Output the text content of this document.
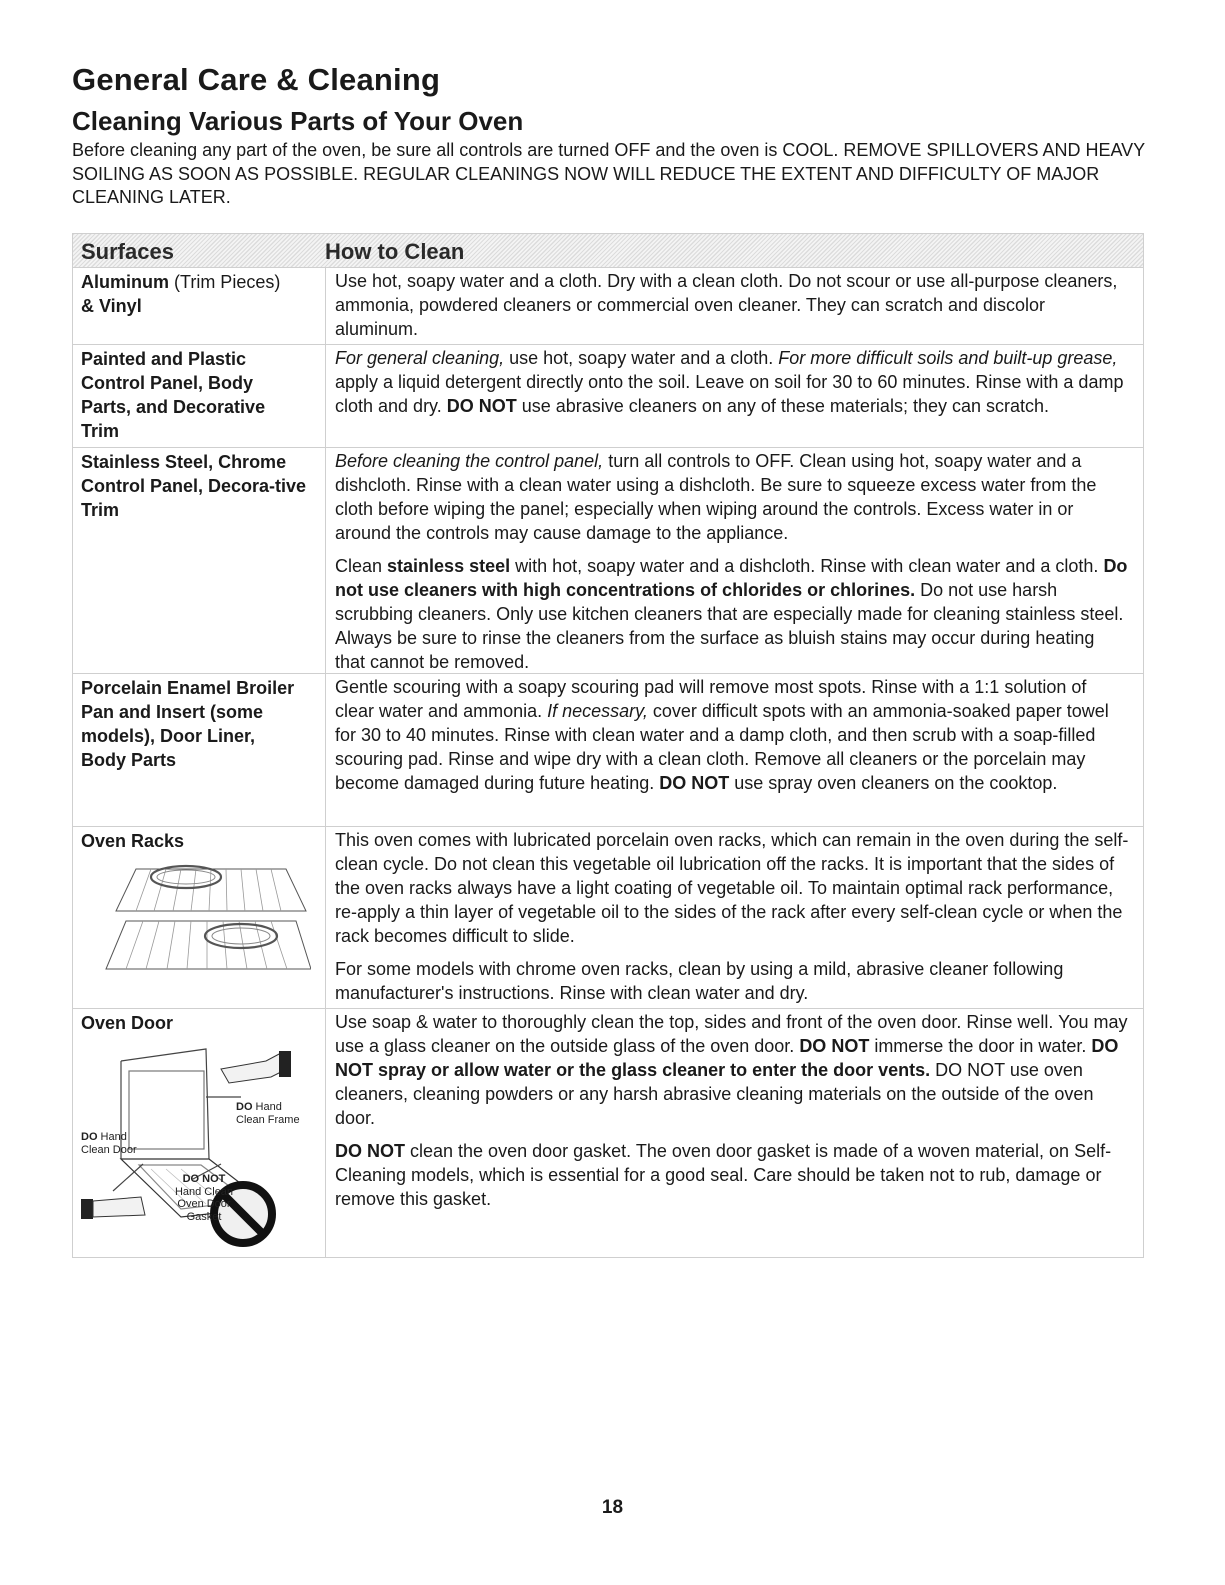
General Care & Cleaning
Cleaning Various Parts of Your Oven

Before cleaning any part of the oven, be sure all controls are turned OFF and the oven is COOL. REMOVE SPILLOVERS AND HEAVY SOILING AS SOON AS POSSIBLE. REGULAR CLEANINGS NOW WILL REDUCE THE EXTENT AND DIFFICULTY OF MAJOR CLEANING LATER.

Surfaces	How to Clean
Aluminum (Trim Pieces)
& Vinyl

Use hot, soapy water and a cloth. Dry with a clean cloth. Do not scour or use all-purpose cleaners, ammonia, powdered cleaners or commercial oven cleaner. They can scratch and discolor aluminum.

Painted and Plastic Control Panel, Body Parts, and Decorative Trim

For general cleaning, use hot, soapy water and a cloth. For more difficult soils and built-up grease, apply a liquid detergent directly onto the soil. Leave on soil for 30 to 60 minutes. Rinse with a damp cloth and dry. DO NOT use abrasive cleaners on any of these materials; they can scratch.

Stainless Steel, Chrome Control Panel, Decora-tive Trim

Before cleaning the control panel, turn all controls to OFF. Clean using hot, soapy water and a dishcloth. Rinse with a clean water using a dishcloth. Be sure to squeeze excess water from the cloth before wiping the panel; especially when wiping around the controls. Excess water in or around the controls may cause damage to the appliance.

Clean stainless steel with hot, soapy water and a dishcloth. Rinse with clean water and a cloth. Do not use cleaners with high concentrations of chlorides or chlorines. Do not use harsh scrubbing cleaners. Only use kitchen cleaners that are especially made for cleaning stainless steel. Always be sure to rinse the cleaners from the surface as bluish stains may occur during heating that cannot be removed.

Porcelain Enamel Broiler Pan and Insert (some models), Door Liner, Body Parts

Gentle scouring with a soapy scouring pad will remove most spots. Rinse with a 1:1 solution of clear water and ammonia. If necessary, cover difficult spots with an ammonia-soaked paper towel for 30 to 40 minutes. Rinse with clean water and a damp cloth, and then scrub with a soap-filled scouring pad. Rinse and wipe dry with a clean cloth. Remove all cleaners or the porcelain may become damaged during future heating. DO NOT use spray oven cleaners on the cooktop.

Oven Racks	This oven comes with lubricated porcelain oven racks, which can remain in the oven during the self-clean cycle. Do not clean this vegetable oil lubrication off the racks. It is important that the sides of the oven racks always have a light coating of vegetable oil. To maintain optimal rack performance, re-apply a thin layer of vegetable oil to the sides of the rack after every self-clean cycle or when the rack becomes difficult to slide.

For some models with chrome oven racks, clean by using a mild, abrasive cleaner following manufacturer's instructions. Rinse with clean water and dry.

Oven Door
DO Hand
Clean Frame
DO Hand
Clean Door
DO NOT
Hand Clean
Oven Door
Gasket

Use soap & water to thoroughly clean the top, sides and front of the oven door. Rinse well. You may use a glass cleaner on the outside glass of the oven door. DO NOT immerse the door in water. DO NOT spray or allow water or the glass cleaner to enter the door vents. DO NOT use oven cleaners, cleaning powders or any harsh abrasive cleaning materials on the outside of the oven door.

DO NOT clean the oven door gasket. The oven door gasket is made of a woven material, on Self-Cleaning models, which is essential for a good seal. Care should be taken not to rub, damage or remove this gasket.

18
